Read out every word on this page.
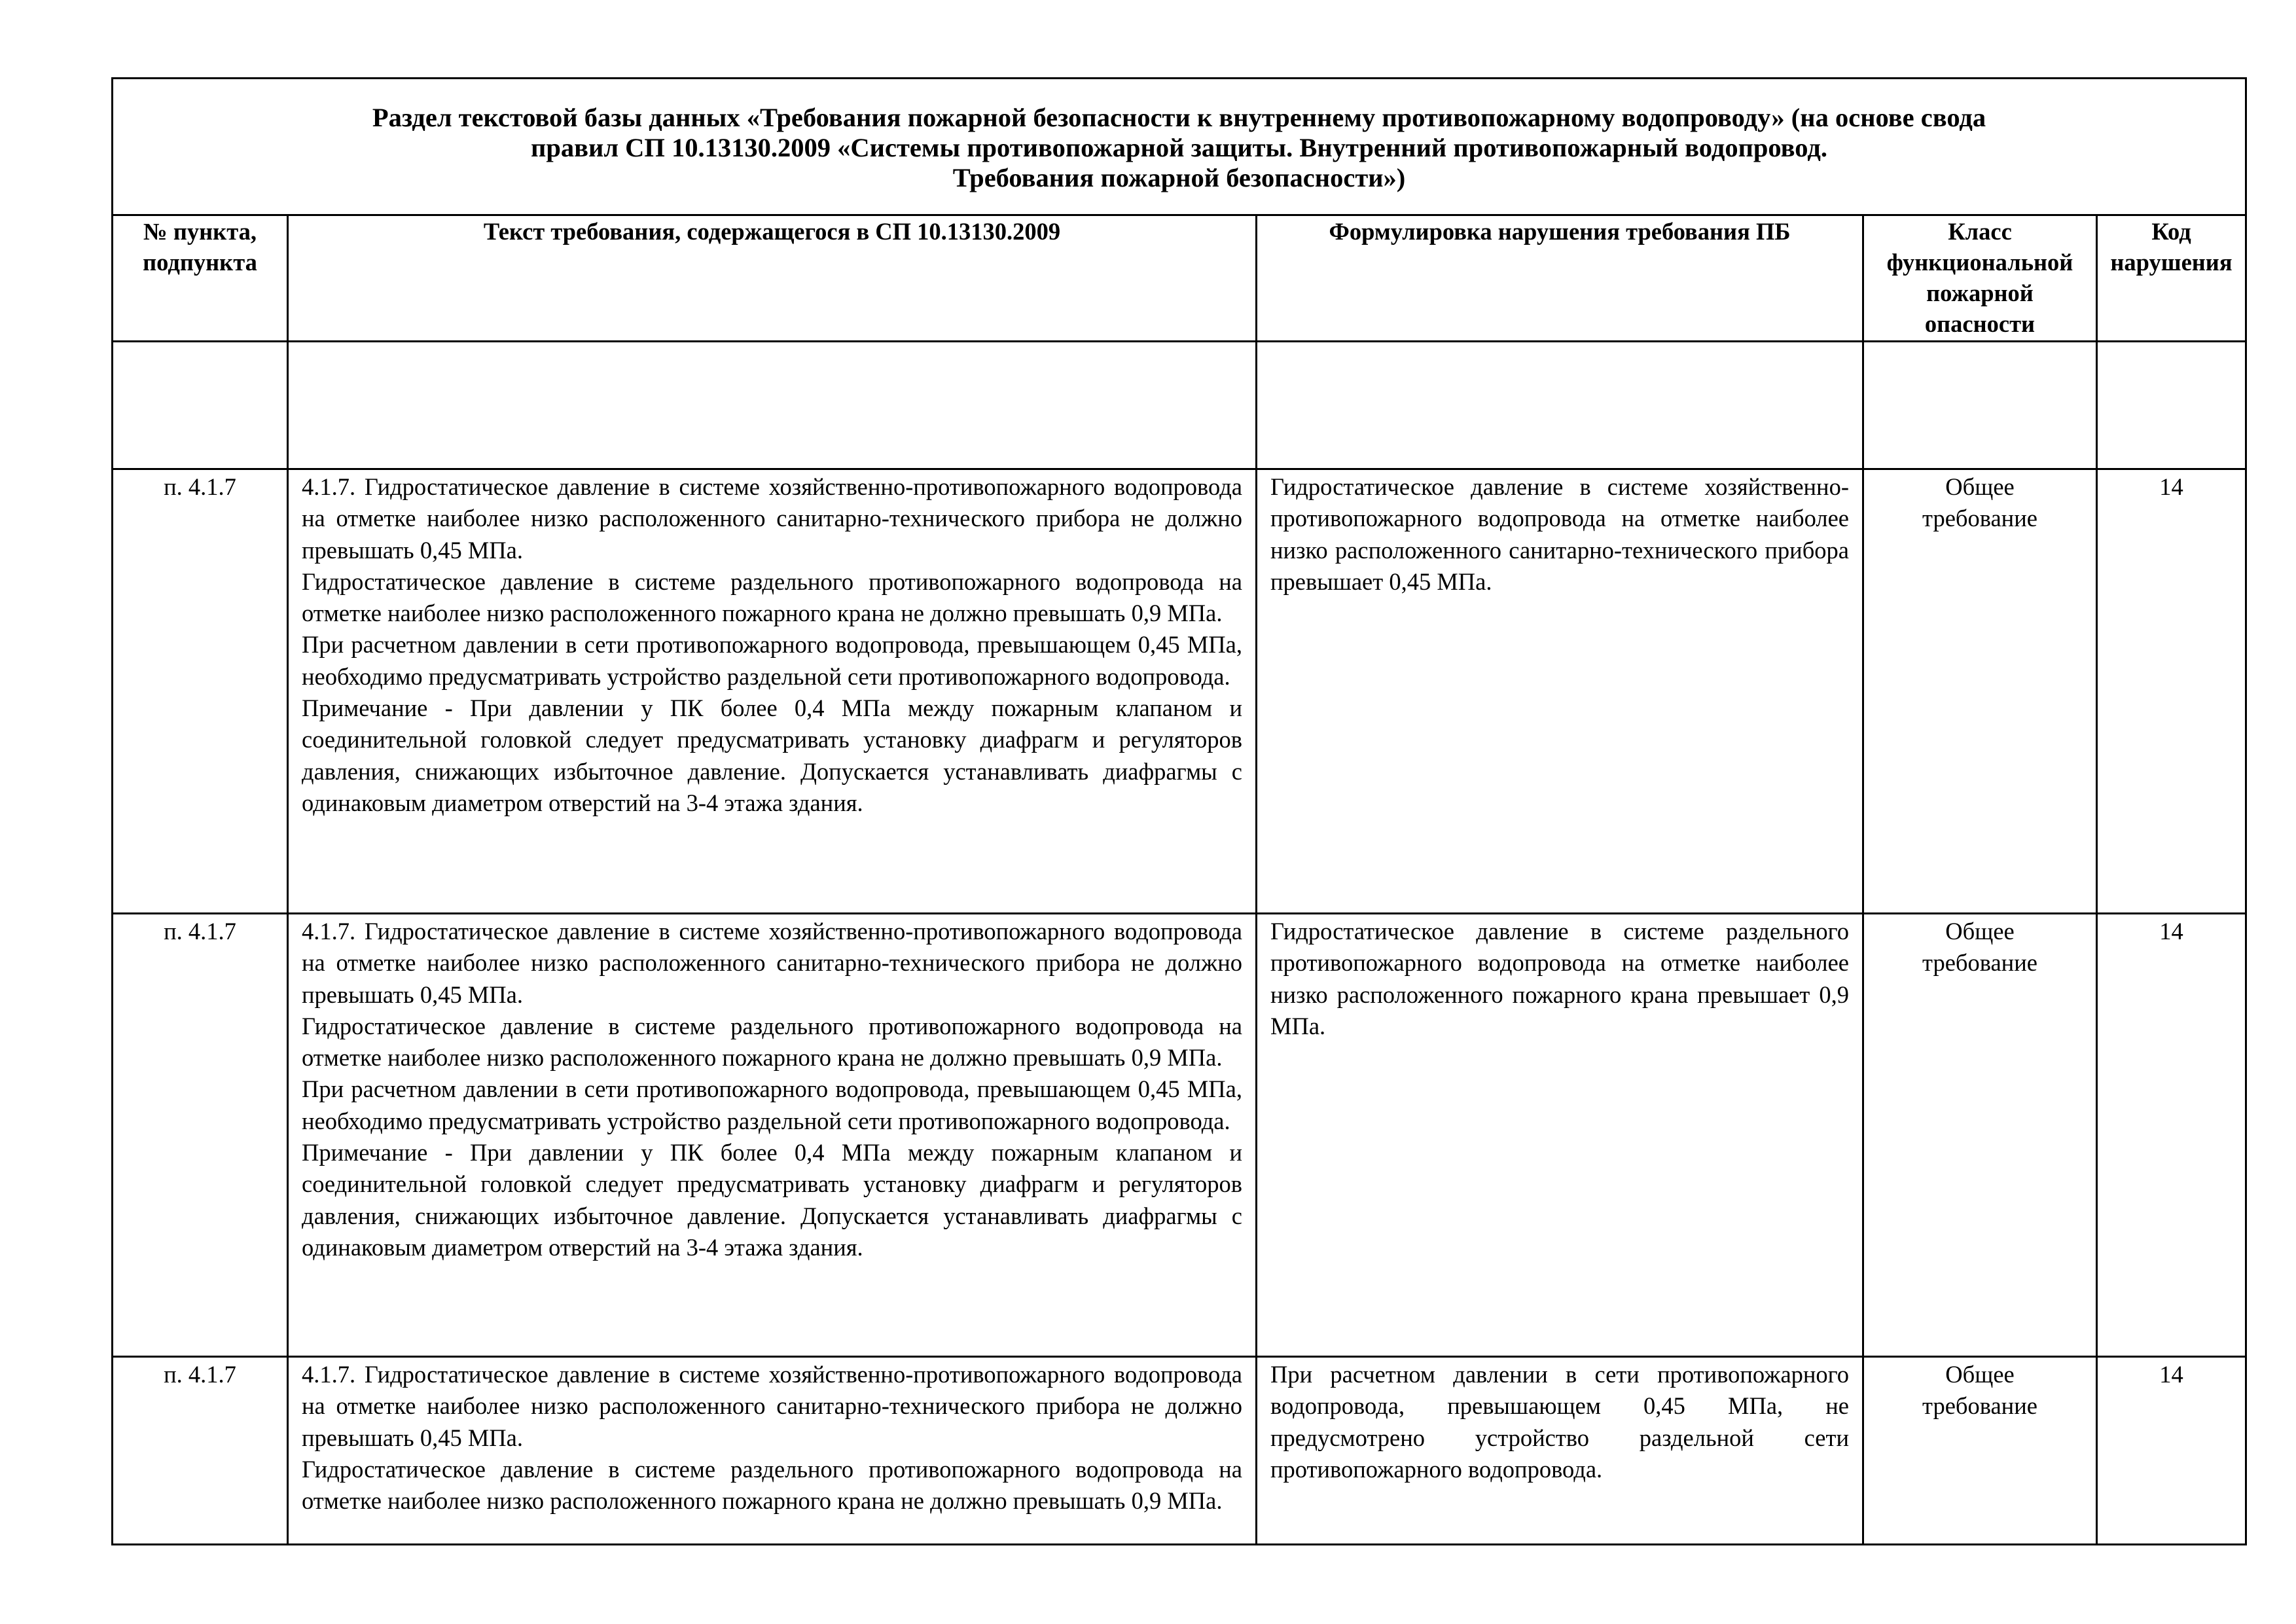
Раздел текстовой базы данных «Требования пожарной безопасности к внутреннему противопожарному водопроводу» (на основе свода
правил СП 10.13130.2009 «Системы противопожарной защиты. Внутренний противопожарный водопровод.
Требования пожарной безопасности»)				

№ пункта,
подпункта	Текст требования, содержащегося в СП 10.13130.2009	Формулировка нарушения требования ПБ	Класс
функциональной
пожарной
опасности	Код
нарушения

п. 4.1.7	4.1.7. Гидростатическое давление в системе хозяйственно-противопожарного водопровода на отметке наиболее низко расположенного санитарно-технического прибора не должно превышать 0,45 МПа.
Гидростатическое давление в системе раздельного противопожарного водопровода на отметке наиболее низко расположенного пожарного крана не должно превышать 0,9 МПа.
При расчетном давлении в сети противопожарного водопровода, превышающем 0,45 МПа, необходимо предусматривать устройство раздельной сети противопожарного водопровода.
Примечание - При давлении у ПК более 0,4 МПа между пожарным клапаном и соединительной головкой следует предусматривать установку диафрагм и регуляторов давления, снижающих избыточное давление. Допускается устанавливать диафрагмы с одинаковым диаметром отверстий на 3-4 этажа здания.	Гидростатическое давление в системе хозяйственно-противопожарного водопровода на отметке наиболее низко расположенного санитарно-технического прибора превышает 0,45 МПа.	Общее
требование	14
п. 4.1.7	4.1.7. Гидростатическое давление в системе хозяйственно-противопожарного водопровода на отметке наиболее низко расположенного санитарно-технического прибора не должно превышать 0,45 МПа.
Гидростатическое давление в системе раздельного противопожарного водопровода на отметке наиболее низко расположенного пожарного крана не должно превышать 0,9 МПа.
При расчетном давлении в сети противопожарного водопровода, превышающем 0,45 МПа, необходимо предусматривать устройство раздельной сети противопожарного водопровода.
Примечание - При давлении у ПК более 0,4 МПа между пожарным клапаном и соединительной головкой следует предусматривать установку диафрагм и регуляторов давления, снижающих избыточное давление. Допускается устанавливать диафрагмы с одинаковым диаметром отверстий на 3-4 этажа здания.	Гидростатическое давление в системе раздельного противопожарного водопровода на отметке наиболее низко расположенного пожарного крана превышает 0,9 МПа.	Общее
требование	14
п. 4.1.7	4.1.7. Гидростатическое давление в системе хозяйственно-противопожарного водопровода на отметке наиболее низко расположенного санитарно-технического прибора не должно превышать 0,45 МПа.
Гидростатическое давление в системе раздельного противопожарного водопровода на отметке наиболее низко расположенного пожарного крана не должно превышать 0,9 МПа.	При расчетном давлении в сети противопожарного водопровода, превышающем 0,45 МПа, не предусмотрено устройство раздельной сети противопожарного водопровода.	Общее
требование	14
